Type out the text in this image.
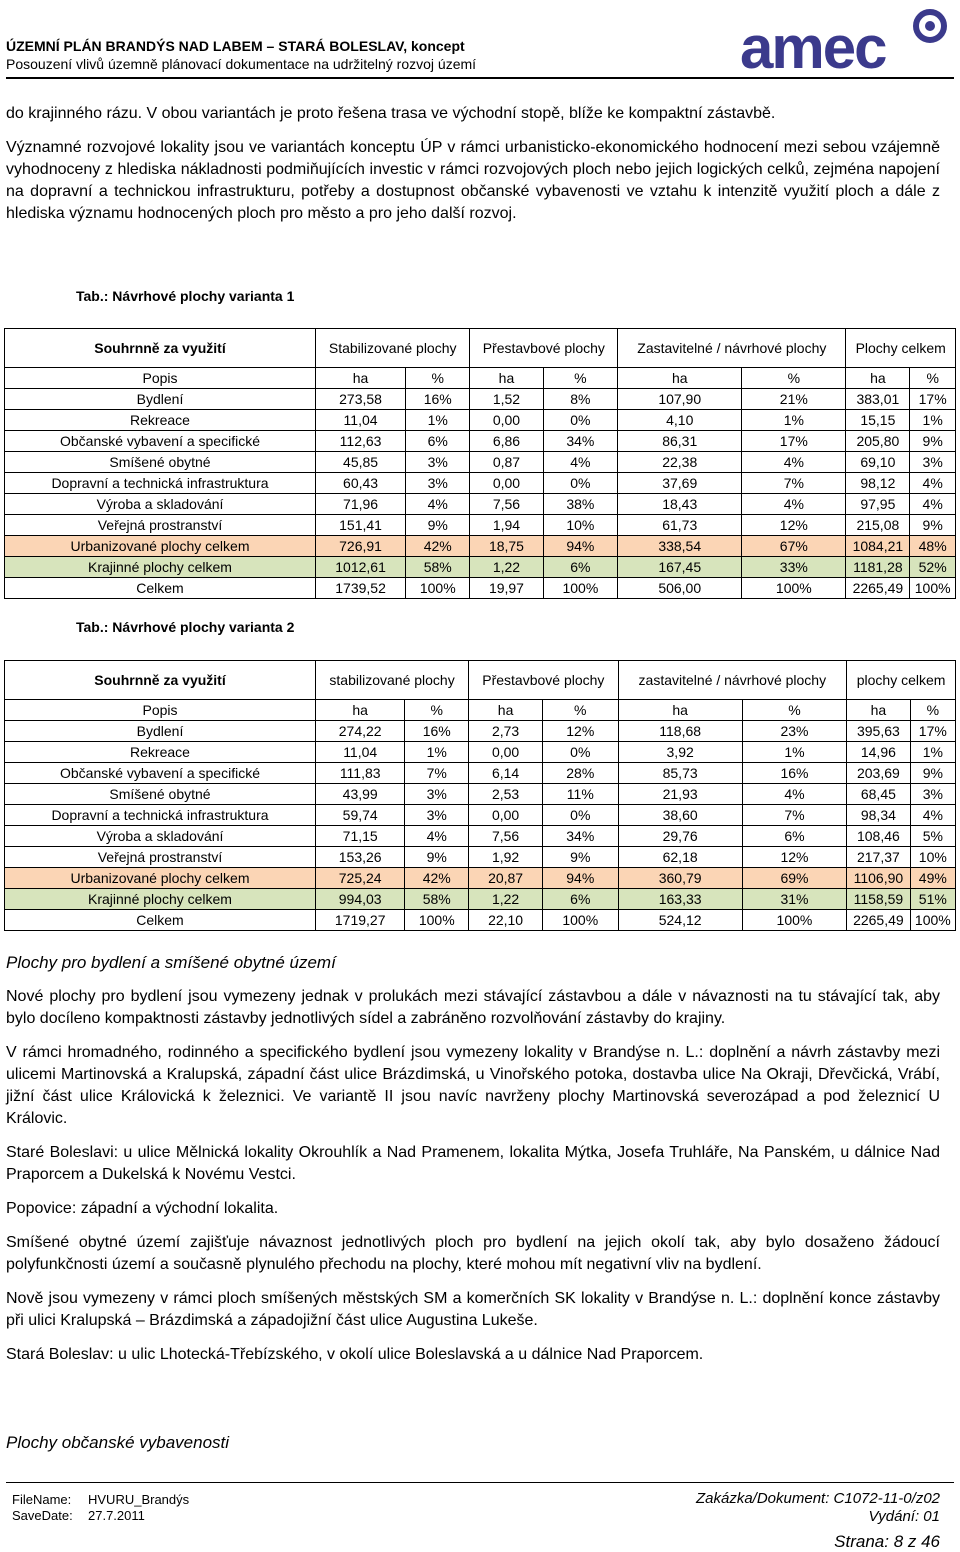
ÚZEMNÍ PLÁN BRANDÝS NAD LABEM – STARÁ BOLESLAV, koncept
Posouzení vlivů územně plánovací dokumentace na udržitelný rozvoj území	amec

do krajinného rázu. V obou variantách je proto řešena trasa ve východní stopě, blíže ke kompaktní zástavbě.

Významné rozvojové lokality jsou ve variantách konceptu ÚP v rámci urbanisticko-ekonomického hodnocení mezi sebou vzájemně vyhodnoceny z hlediska nákladnosti podmiňujících investic v rámci rozvojových ploch nebo jejich logických celků, zejména napojení na dopravní a technickou infrastrukturu, potřeby a dostupnost občanské vybavenosti ve vztahu k intenzitě využití ploch a dále z hlediska významu hodnocených ploch pro město a pro jeho další rozvoj.

Tab.: Návrhové plochy varianta 1
Souhrnně za využití	Stabilizované plochy		Přestavbové plochy		Zastavitelné / návrhové plochy		Plochy celkem	
Popis	ha	%	ha	%	ha	%	ha	%
Bydlení	273,58	16%	1,52	8%	107,90	21%	383,01	17%
Rekreace	11,04	1%	0,00	0%	4,10	1%	15,15	1%
Občanské vybavení a specifické	112,63	6%	6,86	34%	86,31	17%	205,80	9%
Smíšené obytné	45,85	3%	0,87	4%	22,38	4%	69,10	3%
Dopravní a technická infrastruktura	60,43	3%	0,00	0%	37,69	7%	98,12	4%
Výroba a skladování	71,96	4%	7,56	38%	18,43	4%	97,95	4%
Veřejná prostranství	151,41	9%	1,94	10%	61,73	12%	215,08	9%
Urbanizované plochy celkem	726,91	42%	18,75	94%	338,54	67%	1084,21	48%
Krajinné plochy celkem	1012,61	58%	1,22	6%	167,45	33%	1181,28	52%
Celkem	1739,52	100%	19,97	100%	506,00	100%	2265,49	100%
Tab.: Návrhové plochy varianta 2
Souhrnně za využití	stabilizované plochy		Přestavbové plochy		zastavitelné / návrhové plochy		plochy celkem	
Popis	ha	%	ha	%	ha	%	ha	%
Bydlení	274,22	16%	2,73	12%	118,68	23%	395,63	17%
Rekreace	11,04	1%	0,00	0%	3,92	1%	14,96	1%
Občanské vybavení a specifické	111,83	7%	6,14	28%	85,73	16%	203,69	9%
Smíšené obytné	43,99	3%	2,53	11%	21,93	4%	68,45	3%
Dopravní a technická infrastruktura	59,74	3%	0,00	0%	38,60	7%	98,34	4%
Výroba a skladování	71,15	4%	7,56	34%	29,76	6%	108,46	5%
Veřejná prostranství	153,26	9%	1,92	9%	62,18	12%	217,37	10%
Urbanizované plochy celkem	725,24	42%	20,87	94%	360,79	69%	1106,90	49%
Krajinné plochy celkem	994,03	58%	1,22	6%	163,33	31%	1158,59	51%
Celkem	1719,27	100%	22,10	100%	524,12	100%	2265,49	100%
Plochy pro bydlení a smíšené obytné území

Nové plochy pro bydlení jsou vymezeny jednak v prolukách mezi stávající zástavbou a dále v návaznosti na tu stávající tak, aby bylo docíleno kompaktnosti zástavby jednotlivých sídel a zabráněno rozvolňování zástavby do krajiny.

V rámci hromadného, rodinného a specifického bydlení jsou vymezeny lokality v Brandýse n. L.: doplnění a návrh zástavby mezi ulicemi Martinovská a Kralupská, západní část ulice Brázdimská, u Vinořského potoka, dostavba ulice Na Okraji, Dřevčická, Vrábí, jižní část ulice Královická k železnici. Ve variantě II jsou navíc navrženy plochy Martinovská severozápad a pod železnicí U Královic.

Staré Boleslavi: u ulice Mělnická lokality Okrouhlík a Nad Pramenem, lokalita Mýtka, Josefa Truhláře, Na Panském, u dálnice Nad Praporcem a Dukelská k Novému Vestci.

Popovice: západní a východní lokalita.

Smíšené obytné území zajišťuje návaznost jednotlivých ploch pro bydlení na jejich okolí tak, aby bylo dosaženo žádoucí polyfunkčnosti území a současně plynulého přechodu na plochy, které mohou mít negativní vliv na bydlení.

Nově jsou vymezeny v rámci ploch smíšených městských SM a komerčních SK lokality v Brandýse n. L.: doplnění konce zástavby při ulici Kralupská – Brázdimská a západojižní část ulice Augustina Lukeše.

Stará Boleslav: u ulic Lhotecká-Třebízského, v okolí ulice Boleslavská a u dálnice Nad Praporcem.

Plochy občanské vybavenosti
FileName: HVURU_Brandýs
SaveDate: 27.7.2011
Zakázka/Dokument: C1072-11-0/z02
Vydání: 01
Strana: 8 z 46
